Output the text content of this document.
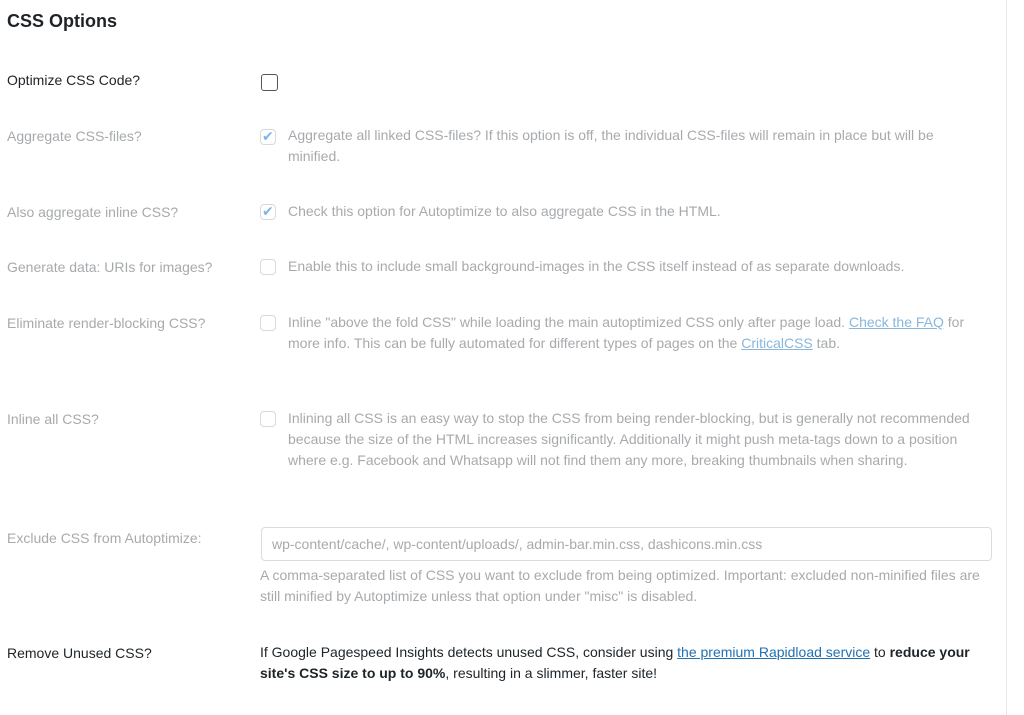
CSS Options
Optimize CSS Code?
Aggregate CSS-files?	✔ Aggregate all linked CSS-files? If this option is off, the individual CSS-files will remain in place but will be minified.
Also aggregate inline CSS?	✔ Check this option for Autoptimize to also aggregate CSS in the HTML.
Generate data: URIs for images?	Enable this to include small background-images in the CSS itself instead of as separate downloads.
Eliminate render-blocking CSS?	Inline "above the fold CSS" while loading the main autoptimized CSS only after page load. Check the FAQ for more info. This can be fully automated for different types of pages on the CriticalCSS tab.
Inline all CSS?	Inlining all CSS is an easy way to stop the CSS from being render-blocking, but is generally not recommended because the size of the HTML increases significantly. Additionally it might push meta-tags down to a position where e.g. Facebook and Whatsapp will not find them any more, breaking thumbnails when sharing.
Exclude CSS from Autoptimize:	wp-content/cache/, wp-content/uploads/, admin-bar.min.css, dashicons.min.css
A comma-separated list of CSS you want to exclude from being optimized. Important: excluded non-minified files are still minified by Autoptimize unless that option under "misc" is disabled.
Remove Unused CSS?	If Google Pagespeed Insights detects unused CSS, consider using the premium Rapidload service to reduce your site's CSS size to up to 90%, resulting in a slimmer, faster site!
